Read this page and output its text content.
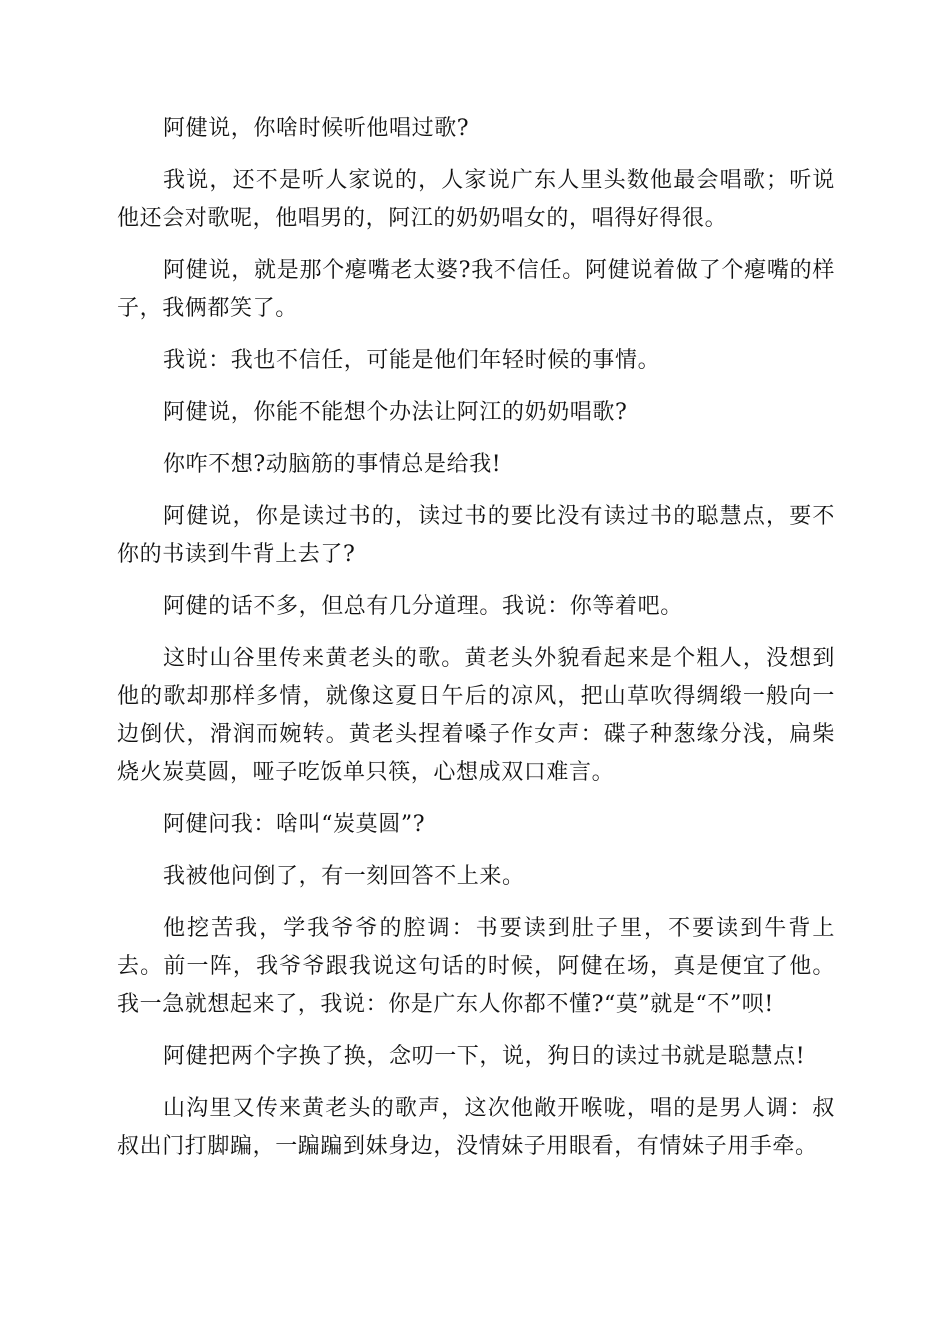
阿健说，你啥时候听他唱过歌?

我说，还不是听人家说的，人家说广东人里头数他最会唱歌；听说他还会对歌呢，他唱男的，阿江的奶奶唱女的，唱得好得很。

阿健说，就是那个瘪嘴老太婆?我不信任。阿健说着做了个瘪嘴的样子，我俩都笑了。

我说：我也不信任，可能是他们年轻时候的事情。

阿健说，你能不能想个办法让阿江的奶奶唱歌?

你咋不想?动脑筋的事情总是给我!

阿健说，你是读过书的，读过书的要比没有读过书的聪慧点，要不你的书读到牛背上去了?

阿健的话不多，但总有几分道理。我说：你等着吧。

这时山谷里传来黄老头的歌。黄老头外貌看起来是个粗人，没想到他的歌却那样多情，就像这夏日午后的凉风，把山草吹得绸缎一般向一边倒伏，滑润而婉转。黄老头捏着嗓子作女声：碟子种葱缘分浅，扁柴烧火炭莫圆，哑子吃饭单只筷，心想成双口难言。

阿健问我：啥叫“炭莫圆”?

我被他问倒了，有一刻回答不上来。

他挖苦我，学我爷爷的腔调：书要读到肚子里，不要读到牛背上去。前一阵，我爷爷跟我说这句话的时候，阿健在场，真是便宜了他。我一急就想起来了，我说：你是广东人你都不懂?“莫”就是“不”呗!

阿健把两个字换了换，念叨一下，说，狗日的读过书就是聪慧点!

山沟里又传来黄老头的歌声，这次他敞开喉咙，唱的是男人调：叔叔出门打脚蹁，一蹁蹁到妹身边，没情妹子用眼看，有情妹子用手牵。
